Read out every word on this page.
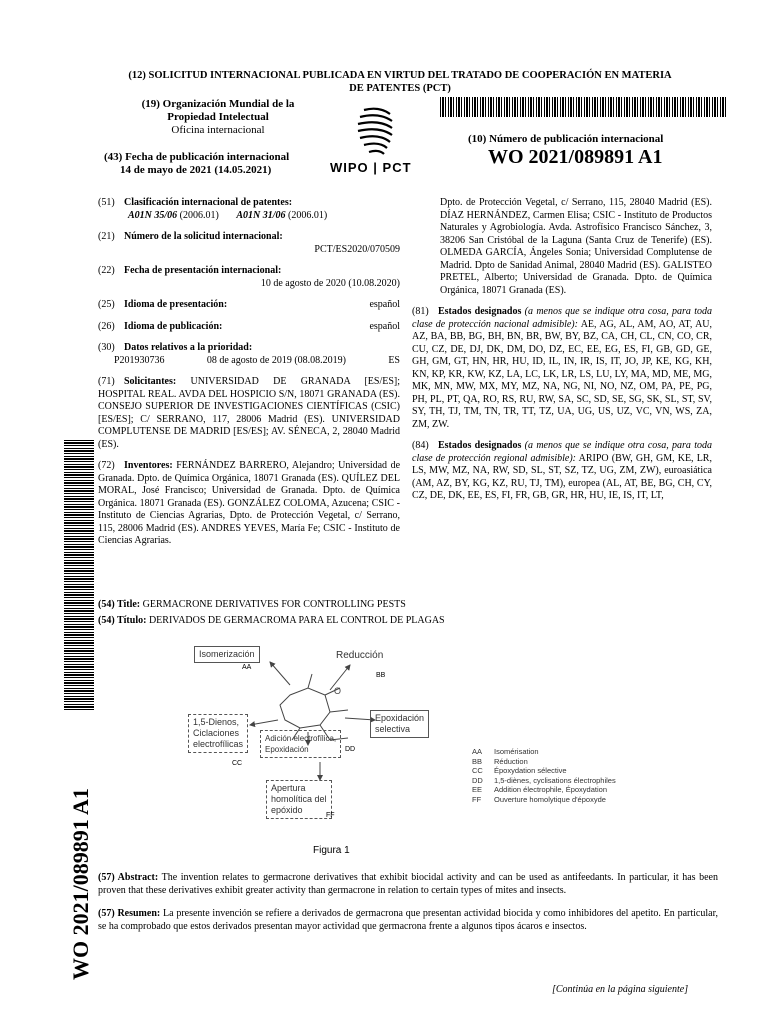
(12) SOLICITUD INTERNACIONAL PUBLICADA EN VIRTUD DEL TRATADO DE COOPERACIÓN EN MATERIA
DE PATENTES (PCT)
(19) Organización Mundial de la
Propiedad Intelectual
Oficina internacional
(43) Fecha de publicación internacional
14 de mayo de 2021 (14.05.2021)	WIPO | PCT
(10) Número de publicación internacional
WO 2021/089891 A1
(51) Clasificación internacional de patentes:
A01N 35/06 (2006.01) A01N 31/06 (2006.01)
(21) Número de la solicitud internacional:
PCT/ES2020/070509
(22) Fecha de presentación internacional:
10 de agosto de 2020 (10.08.2020)
(25) Idioma de presentación:	español
(26) Idioma de publicación:	español
(30) Datos relativos a la prioridad:
P201930736	08 de agosto de 2019 (08.08.2019)	ES
(71) Solicitantes: UNIVERSIDAD DE GRANADA [ES/ES]; HOSPITAL REAL. AVDA DEL HOSPICIO S/N, 18071 GRANADA (ES). CONSEJO SUPERIOR DE INVESTIGACIONES CIENTÍFICAS (CSIC) [ES/ES]; C/ SERRANO, 117, 28006 Madrid (ES). UNIVERSIDAD COMPLUTENSE DE MADRID [ES/ES]; AV. SÉNECA, 2, 28040 Madrid (ES).
(72) Inventores: FERNÁNDEZ BARRERO, Alejandro; Universidad de Granada. Dpto. de Química Orgánica, 18071 Granada (ES). QUÍLEZ DEL MORAL, José Francisco; Universidad de Granada. Dpto. de Química Orgánica. 18071 Granada (ES). GONZÁLEZ COLOMA, Azucena; CSIC - Instituto de Ciencias Agrarias, Dpto. de Protección Vegetal, c/ Serrano, 115, 28006 Madrid (ES). ANDRES YEVES, María Fe; CSIC - Instituto de Ciencias Agrarias.
Dpto. de Protección Vegetal, c/ Serrano, 115, 28040 Madrid (ES). DÍAZ HERNÁNDEZ, Carmen Elisa; CSIC - Instituto de Productos Naturales y Agrobiología. Avda. Astrofísico Francisco Sánchez, 3, 38206 San Cristóbal de la Laguna (Santa Cruz de Tenerife) (ES). OLMEDA GARCÍA, Ángeles Sonia; Universidad Complutense de Madrid. Dpto de Sanidad Animal, 28040 Madrid (ES). GALISTEO PRETEL, Alberto; Universidad de Granada. Dpto. de Química Orgánica, 18071 Granada (ES).
(81) Estados designados (a menos que se indique otra cosa, para toda clase de protección nacional admisible): AE, AG, AL, AM, AO, AT, AU, AZ, BA, BB, BG, BH, BN, BR, BW, BY, BZ, CA, CH, CL, CN, CO, CR, CU, CZ, DE, DJ, DK, DM, DO, DZ, EC, EE, EG, ES, FI, GB, GD, GE, GH, GM, GT, HN, HR, HU, ID, IL, IN, IR, IS, IT, JO, JP, KE, KG, KH, KN, KP, KR, KW, KZ, LA, LC, LK, LR, LS, LU, LY, MA, MD, ME, MG, MK, MN, MW, MX, MY, MZ, NA, NG, NI, NO, NZ, OM, PA, PE, PG, PH, PL, PT, QA, RO, RS, RU, RW, SA, SC, SD, SE, SG, SK, SL, ST, SV, SY, TH, TJ, TM, TN, TR, TT, TZ, UA, UG, US, UZ, VC, VN, WS, ZA, ZM, ZW.
(84) Estados designados (a menos que se indique otra cosa, para toda clase de protección regional admisible): ARIPO (BW, GH, GM, KE, LR, LS, MW, MZ, NA, RW, SD, SL, ST, SZ, TZ, UG, ZM, ZW), euroasiática (AM, AZ, BY, KG, KZ, RU, TJ, TM), europea (AL, AT, BE, BG, CH, CY, CZ, DE, DK, EE, ES, FI, FR, GB, GR, HR, HU, IE, IS, IT, LT,
(54) Title: GERMACRONE DERIVATIVES FOR CONTROLLING PESTS
(54) Título: DERIVADOS DE GERMACROMA PARA EL CONTROL DE PLAGAS
O
Isomerización
AA
Reducción
BB
1,5-Dienos,
Ciclaciones
electrofílicas
CC
Adición electrofílica,
Epoxidación	DD
Epoxidación
selectiva
Apertura
homolítica del
epóxido
FF
AA Isomérisation
BB Réduction
CC Époxydation sélective
DD 1,5-diènes, cyclisations électrophiles
EE Addition électrophile, Époxydation
FF Ouverture homolytique d'époxyde
Figura 1
(57) Abstract: The invention relates to germacrone derivatives that exhibit biocidal activity and can be used as antifeedants. In particular, it has been proven that these derivatives exhibit greater activity than germacrone in relation to certain types of mites and insects.
(57) Resumen: La presente invención se refiere a derivados de germacrona que presentan actividad biocida y como inhibidores del apetito. En particular, se ha comprobado que estos derivados presentan mayor actividad que germacrona frente a algunos tipos ácaros e insectos.
[Continúa en la página siguiente]
WO 2021/089891 A1
